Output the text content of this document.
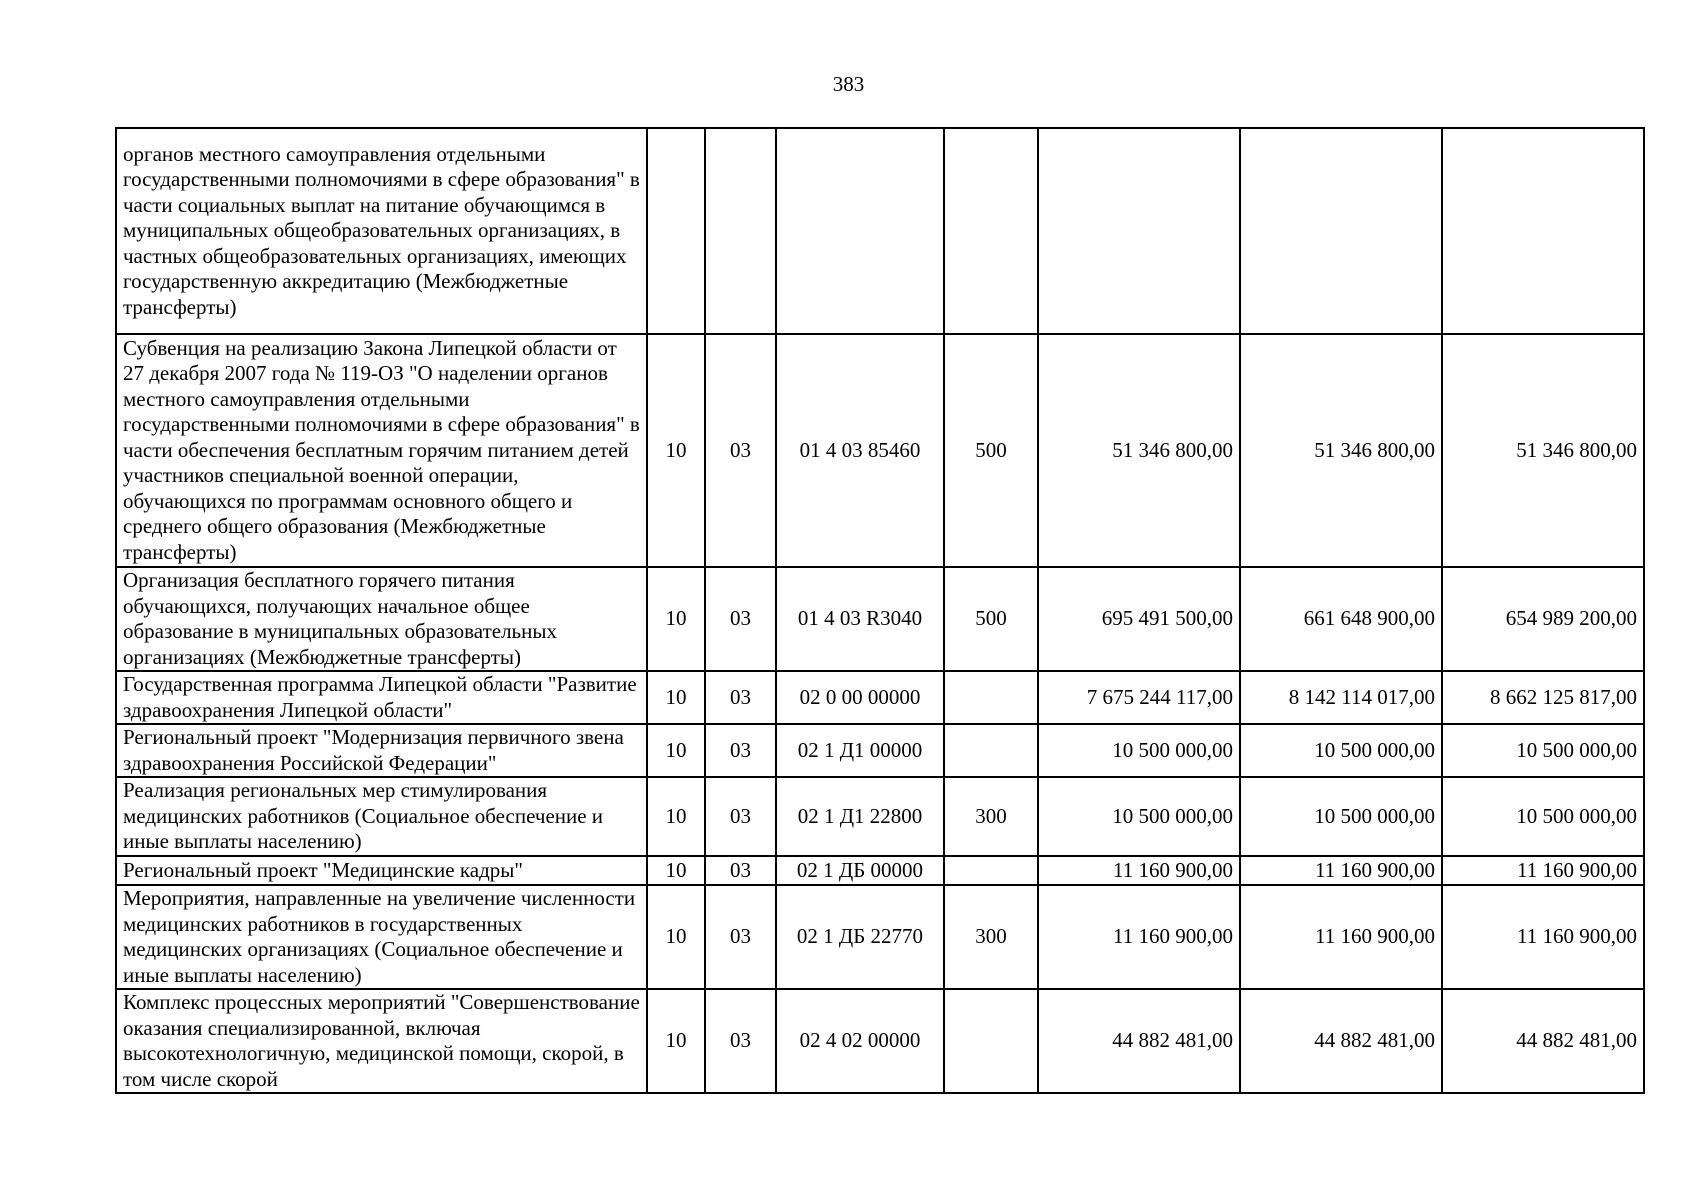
383
органов местного самоуправления отдельными государственными полномочиями в сфере образования" в части социальных выплат на питание обучающимся в муниципальных общеобразовательных организациях, в частных общеобразовательных организациях, имеющих государственную аккредитацию (Межбюджетные трансферты)							
Субвенция на реализацию Закона Липецкой области от 27 декабря 2007 года № 119-ОЗ "О наделении органов местного самоуправления отдельными государственными полномочиями в сфере образования" в части обеспечения бесплатным горячим питанием детей участников специальной военной операции, обучающихся по программам основного общего и среднего общего образования (Межбюджетные трансферты)	10	03	01 4 03 85460	500	51 346 800,00	51 346 800,00	51 346 800,00
Организация бесплатного горячего питания обучающихся, получающих начальное общее образование в муниципальных образовательных организациях (Межбюджетные трансферты)	10	03	01 4 03 R3040	500	695 491 500,00	661 648 900,00	654 989 200,00
Государственная программа Липецкой области "Развитие здравоохранения Липецкой области"	10	03	02 0 00 00000		7 675 244 117,00	8 142 114 017,00	8 662 125 817,00
Региональный проект "Модернизация первичного звена здравоохранения Российской Федерации"	10	03	02 1 Д1 00000		10 500 000,00	10 500 000,00	10 500 000,00
Реализация региональных мер стимулирования медицинских работников (Социальное обеспечение и иные выплаты населению)	10	03	02 1 Д1 22800	300	10 500 000,00	10 500 000,00	10 500 000,00
Региональный проект "Медицинские кадры"	10	03	02 1 ДБ 00000		11 160 900,00	11 160 900,00	11 160 900,00
Мероприятия, направленные на увеличение численности медицинских работников в государственных медицинских организациях (Социальное обеспечение и иные выплаты населению)	10	03	02 1 ДБ 22770	300	11 160 900,00	11 160 900,00	11 160 900,00
Комплекс процессных мероприятий "Совершенствование оказания специализированной, включая высокотехнологичную, медицинской помощи, скорой, в том числе скорой	10	03	02 4 02 00000		44 882 481,00	44 882 481,00	44 882 481,00
